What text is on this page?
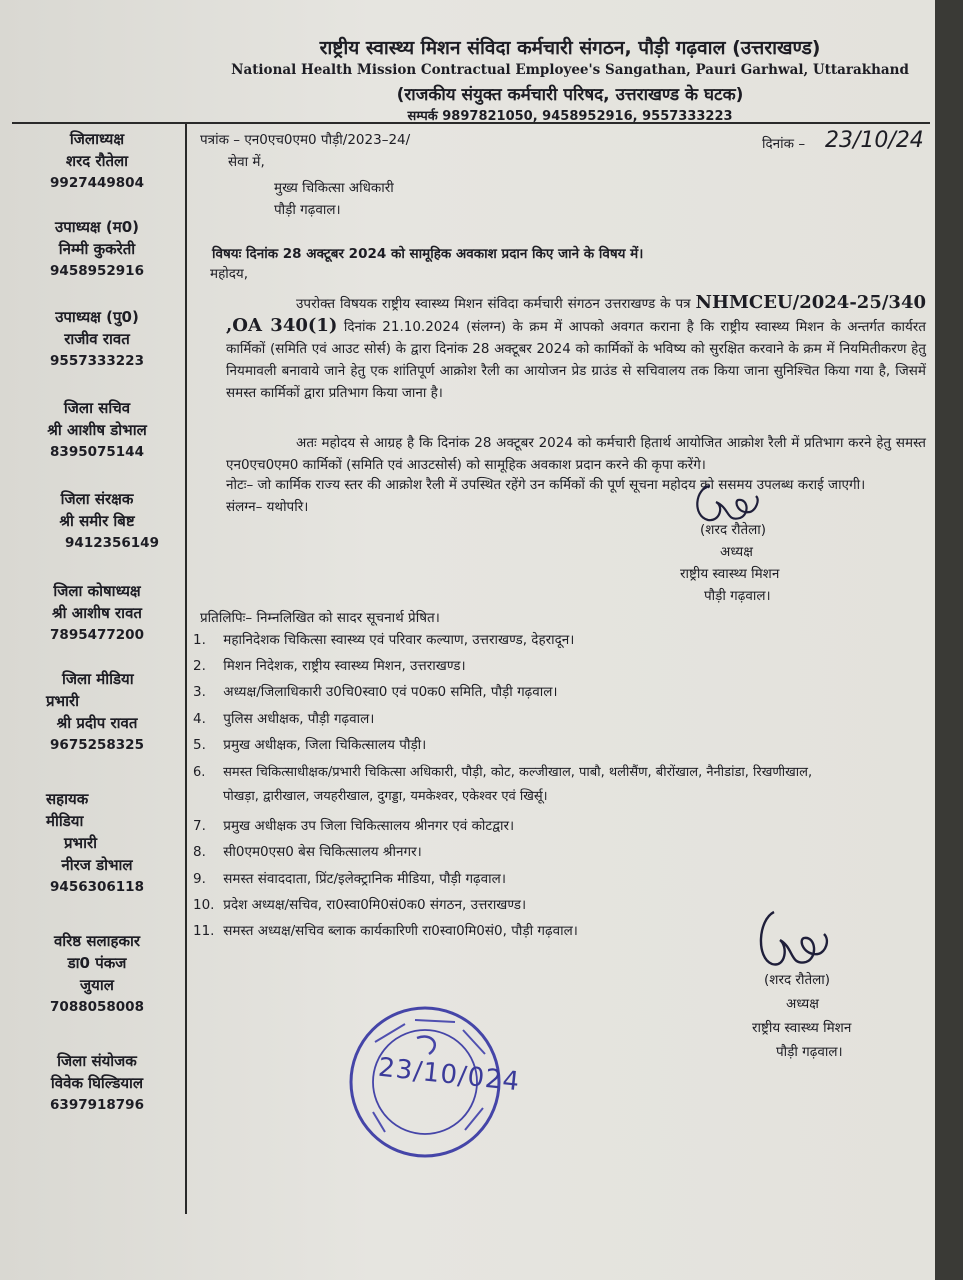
राष्ट्रीय स्वास्थ्य मिशन संविदा कर्मचारी संगठन, पौड़ी गढ़वाल (उत्तराखण्ड)
National Health Mission Contractual Employee's Sangathan, Pauri Garhwal, Uttarakhand
(राजकीय संयुक्त कर्मचारी परिषद, उत्तराखण्ड के घटक)
सम्पर्क 9897821050, 9458952916, 9557333223
जिलाध्यक्ष
शरद रौतेला
9927449804
उपाध्यक्ष (म0)
निम्मी कुकरेती
9458952916
उपाध्यक्ष (पु0)
राजीव रावत
9557333223
जिला सचिव
श्री आशीष डोभाल
8395075144
जिला संरक्षक
श्री समीर बिष्ट
9412356149
जिला कोषाध्यक्ष
श्री आशीष रावत
7895477200
जिला मीडिया
प्रभारी
श्री प्रदीप रावत
9675258325
सहायक
मीडिया
प्रभारी
नीरज डोभाल
9456306118
वरिष्ठ सलाहकार
डा0 पंकज
जुयाल
7088058008
जिला संयोजक
विवेक घिल्डियाल
6397918796
पत्रांक – एन0एच0एम0 पौड़ी/2023–24/	दिनांक – 23/10/24
सेवा में,
मुख्य चिकित्सा अधिकारी
पौड़ी गढ़वाल।
विषयः दिनांक 28 अक्टूबर 2024 को सामूहिक अवकाश प्रदान किए जाने के विषय में।
महोदय,
उपरोक्त विषयक राष्ट्रीय स्वास्थ्य मिशन संविदा कर्मचारी संगठन उत्तराखण्ड के पत्र NHMCEU/2024-25/340 ,OA 340(1) दिनांक 21.10.2024 (संलग्न) के क्रम में आपको अवगत कराना है कि राष्ट्रीय स्वास्थ्य मिशन के अन्तर्गत कार्यरत कार्मिकों (समिति एवं आउट सोर्स) के द्वारा दिनांक 28 अक्टूबर 2024 को कार्मिकों के भविष्य को सुरक्षित करवाने के क्रम में नियमितीकरण हेतु नियमावली बनावाये जाने हेतु एक शांतिपूर्ण आक्रोश रैली का आयोजन प्रेड ग्राउंड से सचिवालय तक किया जाना सुनिश्चित किया गया है, जिसमें समस्त कार्मिकों द्वारा प्रतिभाग किया जाना है।
अतः महोदय से आग्रह है कि दिनांक 28 अक्टूबर 2024 को कर्मचारी हितार्थ आयोजित आक्रोश रैली में प्रतिभाग करने हेतु समस्त एन0एच0एम0 कार्मिकों (समिति एवं आउटसोर्स) को सामूहिक अवकाश प्रदान करने की कृपा करेंगे।
नोटः– जो कार्मिक राज्य स्तर की आक्रोश रैली में उपस्थित रहेंगे उन कर्मिकों की पूर्ण सूचना महोदय को ससमय उपलब्ध कराई जाएगी।
संलग्न– यथोपरि।
(शरद रौतेला)
अध्यक्ष
राष्ट्रीय स्वास्थ्य मिशन
पौड़ी गढ़वाल।
प्रतिलिपिः– निम्नलिखित को सादर सूचनार्थ प्रेषित।
1. महानिदेशक चिकित्सा स्वास्थ्य एवं परिवार कल्याण, उत्तराखण्ड, देहरादून।
2. मिशन निदेशक, राष्ट्रीय स्वास्थ्य मिशन, उत्तराखण्ड।
3. अध्यक्ष/जिलाधिकारी उ0चि0स्वा0 एवं प0क0 समिति, पौड़ी गढ़वाल।
4. पुलिस अधीक्षक, पौड़ी गढ़वाल।
5. प्रमुख अधीक्षक, जिला चिकित्सालय पौड़ी।
6. समस्त चिकित्साधीक्षक/प्रभारी चिकित्सा अधिकारी, पौड़ी, कोट, कल्जीखाल, पाबौ, थलीसैंण, बीरोंखाल, नैनीडांडा, रिखणीखाल,
पोखड़ा, द्वारीखाल, जयहरीखाल, दुगड्डा, यमकेश्वर, एकेश्वर एवं खिर्सू।
7. प्रमुख अधीक्षक उप जिला चिकित्सालय श्रीनगर एवं कोटद्वार।
8. सी0एम0एस0 बेस चिकित्सालय श्रीनगर।
9. समस्त संवाददाता, प्रिंट/इलेक्ट्रानिक मीडिया, पौड़ी गढ़वाल।
10. प्रदेश अध्यक्ष/सचिव, रा0स्वा0मि0सं0क0 संगठन, उत्तराखण्ड।
11. समस्त अध्यक्ष/सचिव ब्लाक कार्यकारिणी रा0स्वा0मि0सं0, पौड़ी गढ़वाल।
(शरद रौतेला)
अध्यक्ष
राष्ट्रीय स्वास्थ्य मिशन
पौड़ी गढ़वाल।
23/10/024
